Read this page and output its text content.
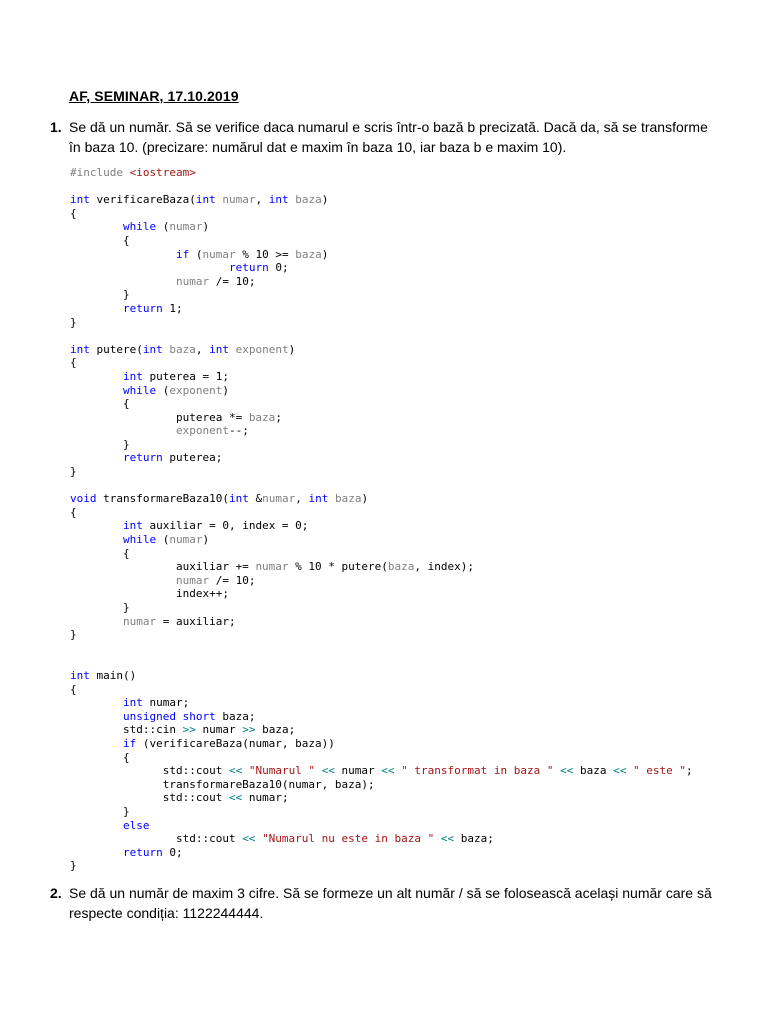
AF, SEMINAR, 17.10.2019
1. Se dă un număr. Să se verifice daca numarul e scris într-o bază b precizată. Dacă da, să se transforme în baza 10. (precizare: numărul dat e maxim în baza 10, iar baza b e maxim 10).
#include <iostream>
int verificareBaza(int numar, int baza)
{
while (numar)
{
if (numar % 10 >= baza)
return 0;
numar /= 10;
}
return 1;
}
int putere(int baza, int exponent)
{
int puterea = 1;
while (exponent)
{
puterea *= baza;
exponent--;
}
return puterea;
}
void transformareBaza10(int &numar, int baza)
{
int auxiliar = 0, index = 0;
while (numar)
{
auxiliar += numar % 10 * putere(baza, index);
numar /= 10;
index++;
}
numar = auxiliar;
}
int main()
{
int numar;
unsigned short baza;
std::cin >> numar >> baza;
if (verificareBaza(numar, baza))
{
std::cout << "Numarul " << numar << " transformat in baza " << baza << " este ";
transformareBaza10(numar, baza);
std::cout << numar;
}
else
std::cout << "Numarul nu este in baza " << baza;
return 0;
}
2. Se dă un număr de maxim 3 cifre. Să se formeze un alt număr / să se folosească același număr care să respecte condiția: 1122244444.
